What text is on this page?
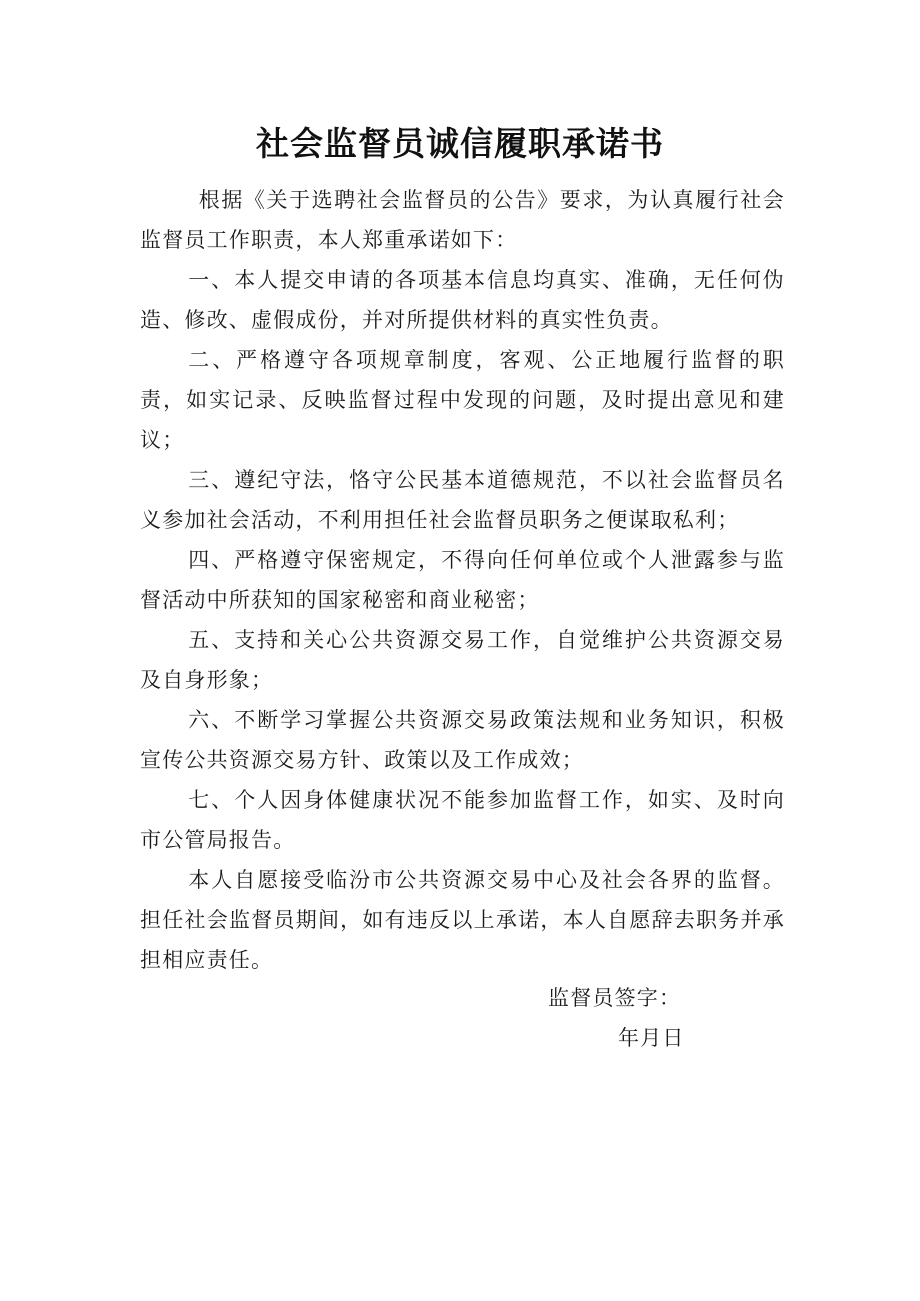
社会监督员诚信履职承诺书

根据《关于选聘社会监督员的公告》要求，为认真履行社会监督员工作职责，本人郑重承诺如下：

一、本人提交申请的各项基本信息均真实、准确，无任何伪造、修改、虚假成份，并对所提供材料的真实性负责。

二、严格遵守各项规章制度，客观、公正地履行监督的职责，如实记录、反映监督过程中发现的问题，及时提出意见和建议；

三、遵纪守法，恪守公民基本道德规范，不以社会监督员名义参加社会活动，不利用担任社会监督员职务之便谋取私利；

四、严格遵守保密规定，不得向任何单位或个人泄露参与监督活动中所获知的国家秘密和商业秘密；

五、支持和关心公共资源交易工作，自觉维护公共资源交易及自身形象；

六、不断学习掌握公共资源交易政策法规和业务知识，积极宣传公共资源交易方针、政策以及工作成效；

七、个人因身体健康状况不能参加监督工作，如实、及时向市公管局报告。

本人自愿接受临汾市公共资源交易中心及社会各界的监督。担任社会监督员期间，如有违反以上承诺，本人自愿辞去职务并承担相应责任。

监督员签字：
年月日
